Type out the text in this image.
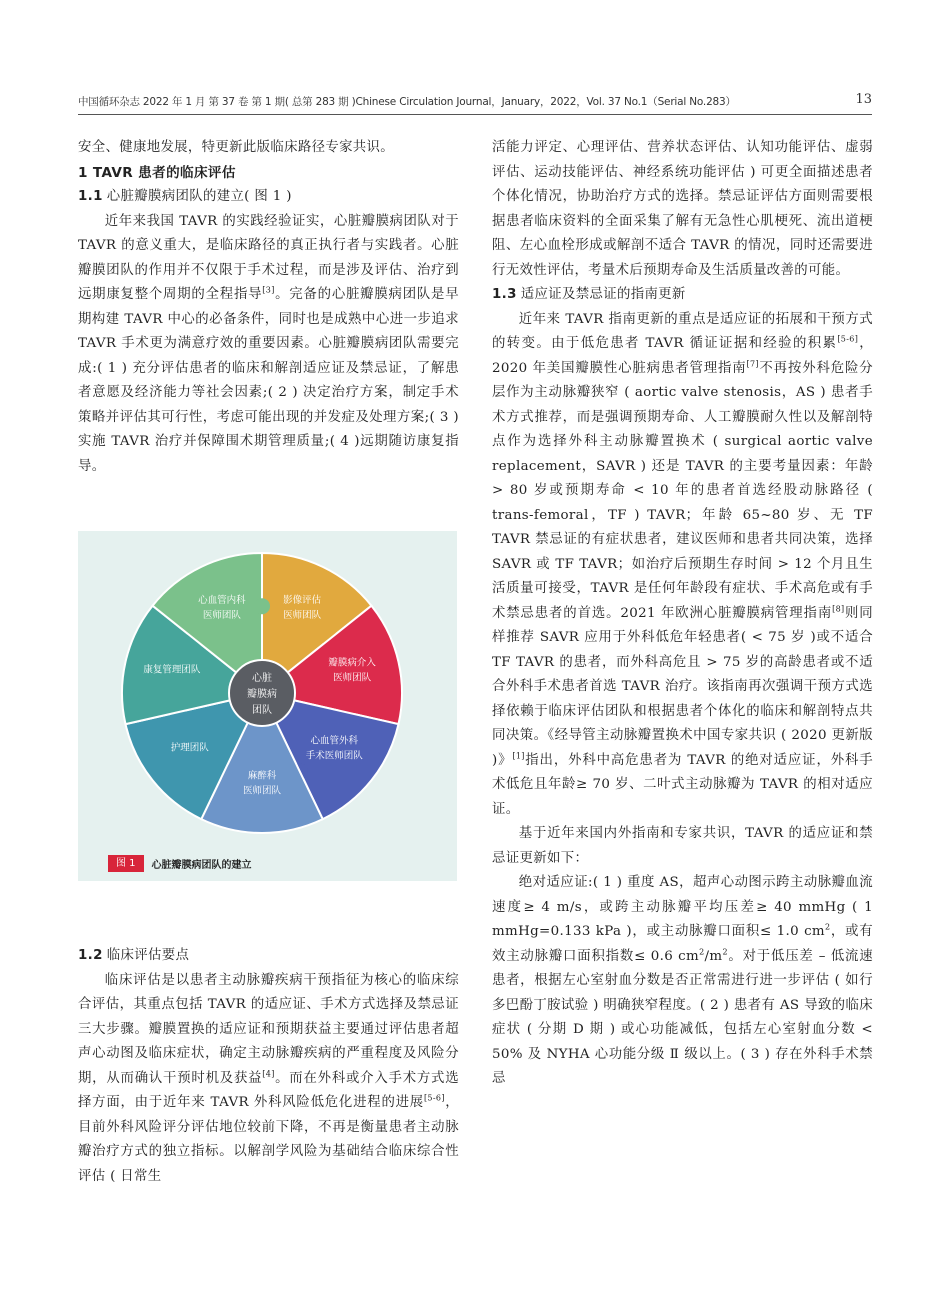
中国循环杂志 2022 年 1 月 第 37 卷 第 1 期( 总第 283 期 )Chinese Circulation Journal，January，2022，Vol. 37 No.1（Serial No.283）	13

安全、健康地发展，特更新此版临床路径专家共识。

1 TAVR 患者的临床评估

1.1 心脏瓣膜病团队的建立( 图 1 )

近年来我国 TAVR 的实践经验证实，心脏瓣膜病团队对于 TAVR 的意义重大，是临床路径的真正执行者与实践者。心脏瓣膜团队的作用并不仅限于手术过程，而是涉及评估、治疗到远期康复整个周期的全程指导[3]。完备的心脏瓣膜病团队是早期构建 TAVR 中心的必备条件，同时也是成熟中心进一步追求 TAVR 手术更为满意疗效的重要因素。心脏瓣膜病团队需要完成:( 1 ) 充分评估患者的临床和解剖适应证及禁忌证，了解患者意愿及经济能力等社会因素;( 2 ) 决定治疗方案，制定手术策略并评估其可行性，考虑可能出现的并发症及处理方案;( 3 ) 实施 TAVR 治疗并保障围术期管理质量;( 4 )远期随访康复指导。

影像评估医师团队
瓣膜病介入医师团队
心血管外科手术医师团队
麻醉科医师团队
护理团队
康复管理团队
心血管内科医师团队
心脏瓣膜病团队
图 1	心脏瓣膜病团队的建立

1.2 临床评估要点

临床评估是以患者主动脉瓣疾病干预指征为核心的临床综合评估，其重点包括 TAVR 的适应证、手术方式选择及禁忌证三大步骤。瓣膜置换的适应证和预期获益主要通过评估患者超声心动图及临床症状，确定主动脉瓣疾病的严重程度及风险分期，从而确认干预时机及获益[4]。而在外科或介入手术方式选择方面，由于近年来 TAVR 外科风险低危化进程的进展[5-6]，目前外科风险评分评估地位较前下降，不再是衡量患者主动脉瓣治疗方式的独立指标。以解剖学风险为基础结合临床综合性评估 ( 日常生

活能力评定、心理评估、营养状态评估、认知功能评估、虚弱评估、运动技能评估、神经系统功能评估 ) 可更全面描述患者个体化情况，协助治疗方式的选择。禁忌证评估方面则需要根据患者临床资料的全面采集了解有无急性心肌梗死、流出道梗阻、左心血栓形成或解剖不适合 TAVR 的情况，同时还需要进行无效性评估，考量术后预期寿命及生活质量改善的可能。

1.3 适应证及禁忌证的指南更新

近年来 TAVR 指南更新的重点是适应证的拓展和干预方式的转变。由于低危患者 TAVR 循证证据和经验的积累[5-6]，2020 年美国瓣膜性心脏病患者管理指南[7]不再按外科危险分层作为主动脉瓣狭窄 ( aortic valve stenosis，AS ) 患者手术方式推荐，而是强调预期寿命、人工瓣膜耐久性以及解剖特点作为选择外科主动脉瓣置换术 ( surgical aortic valve replacement，SAVR ) 还是 TAVR 的主要考量因素：年龄 > 80 岁或预期寿命 < 10 年的患者首选经股动脉路径 ( trans-femoral，TF ) TAVR；年龄 65~80 岁、无 TF TAVR 禁忌证的有症状患者，建议医师和患者共同决策，选择 SAVR 或 TF TAVR；如治疗后预期生存时间 > 12 个月且生活质量可接受，TAVR 是任何年龄段有症状、手术高危或有手术禁忌患者的首选。2021 年欧洲心脏瓣膜病管理指南[8]则同样推荐 SAVR 应用于外科低危年轻患者( < 75 岁 )或不适合 TF TAVR 的患者，而外科高危且 > 75 岁的高龄患者或不适合外科手术患者首选 TAVR 治疗。该指南再次强调干预方式选择依赖于临床评估团队和根据患者个体化的临床和解剖特点共同决策。《经导管主动脉瓣置换术中国专家共识 ( 2020 更新版 )》[1]指出，外科中高危患者为 TAVR 的绝对适应证，外科手术低危且年龄≥ 70 岁、二叶式主动脉瓣为 TAVR 的相对适应证。

基于近年来国内外指南和专家共识，TAVR 的适应证和禁忌证更新如下：

绝对适应证:( 1 ) 重度 AS，超声心动图示跨主动脉瓣血流速度≥ 4 m/s，或跨主动脉瓣平均压差≥ 40 mmHg ( 1 mmHg=0.133 kPa )，或主动脉瓣口面积≤ 1.0 $cm^2$，或有效主动脉瓣口面积指数≤ 0.6 $cm^2/m^2$。对于低压差 – 低流速患者，根据左心室射血分数是否正常需进行进一步评估 ( 如行多巴酚丁胺试验 ) 明确狭窄程度。( 2 ) 患者有 AS 导致的临床症状 ( 分期 D 期 ) 或心功能减低，包括左心室射血分数 < 50% 及 NYHA 心功能分级 Ⅱ 级以上。( 3 ) 存在外科手术禁忌
